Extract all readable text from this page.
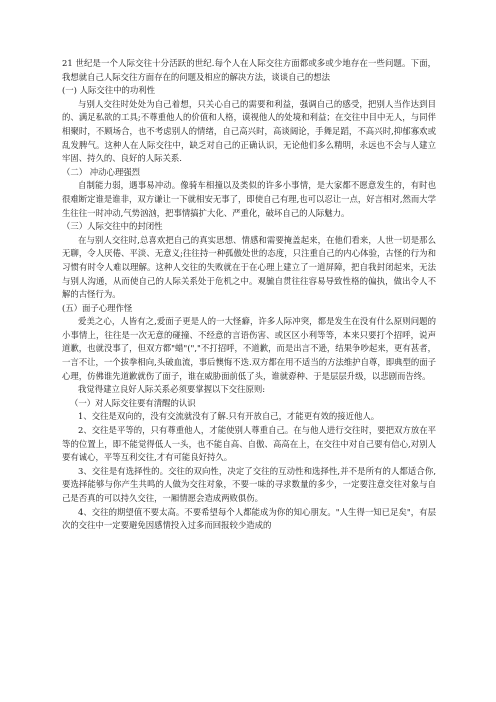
21 世纪是一个人际交往十分活跃的世纪.每个人在人际交往方面都或多或少地存在一些问题。下面，我想就自己人际交往方面存在的问题及相应的解决方法，谈谈自己的想法

(一) 人际交往中的功利性

与别人交往时处处为自己着想，只关心自己的需要和利益，强调自己的感受，把别人当作达到目的、满足私欲的工具;不尊重他人的价值和人格，谟视他人的处境和利益；在交往中目中无人，与同伴相聚时，不顾场合，也不考虑别人的情绪，自己高兴时，高谈阔论，手舞足蹈，不高兴时,抑郁寡欢或乱发脾气。这种人在人际交往中，缺乏对自己的正确认识，无论他们多么精明，永远也不会与人建立牢固、持久的、良好的人际关系.

（二） 冲动心理强烈

自制能力弱，遇事易冲动。像骑车相撞以及类似的许多小事情，是大家都不愿意发生的，有时也很难断定谁是谁非，双方谦让一下就相安无事了，即使自己有理,也可以忍让一点，好言相对,然而大学生往往一时冲动,气势汹汹，把事情搞扩大化、严重化，破坏自己的人际魅力。

（三）人际交往中的封闭性

在与别人交往时,总喜欢把自己的真实思想、情感和需要掩盖起来，在他们看来，人世一切是那么无聊，令人厌倦、平淡、无意义;往往持一种孤傲处世的态度，只注重自己的内心体验，古怪的行为和习惯有时令人难以理解。这种人交往的失败就在于在心理上建立了一道屏障，把自我封闭起来，无法与别人沟通，从而使自己的人际关系处于危机之中。观毓自贯往往容易导致性格的偏执，做出令人不解的古怪行为。

(五）面子心理作怪

爱美之心，人皆有之,爱面子更是人的一大怪癖，许多人际冲突，都是发生在没有什么原则问题的小事情上，往往是一次无意的碰撞、不经意的言语伤害、或区区小利等等，本来只要打个招呼，说声道歉，也就没事了，但双方都"蜡"(","不打招呼，不道歉，而是出言不逊，结果争吵起来，更有甚者，一言不让，一个拔拳相向,头破血流，事后懊悔不迭.双方都在用不适当的方法维护自尊，即典型的面子心理，仿佛谁先道歉就伤了面子，谁在威胁面前低了头，谁就孬种、于是层层升级，以悲剧而告终。

我觉得建立良好人际关系必须要掌握以下交往原则:

（一）对人际交往要有清醒的认识

1、交往是双向的，没有交流就没有了解.只有开放自己，才能更有效的接近他人。

2、交往是平等的，只有尊重他人，才能使别人尊重自己。在与他人进行交往时，要把双方放在平等的位置上，即不能觉得低人一头，也不能自高、自傲、高高在上，在交往中对自己要有信心,对别人要有诚心，平等互利交往,才有可能良好持久。

3、交往是有选择性的。交往的双向性，决定了交往的互动性和选择性,并不是所有的人都适合你,要选择能够与你产生共鸣的人做为交往对象，不要一味的寻求数量的多少，一定要注意交往对象与自己是否真的可以持久交往，一厢情愿会造成两败俱伤。

4、交往的期望值不要太高。不要希望每个人都能成为你的知心朋友。"人生得一知已足矣"，有层次的交往中一定要避免因感情投入过多而回报较少造成的
